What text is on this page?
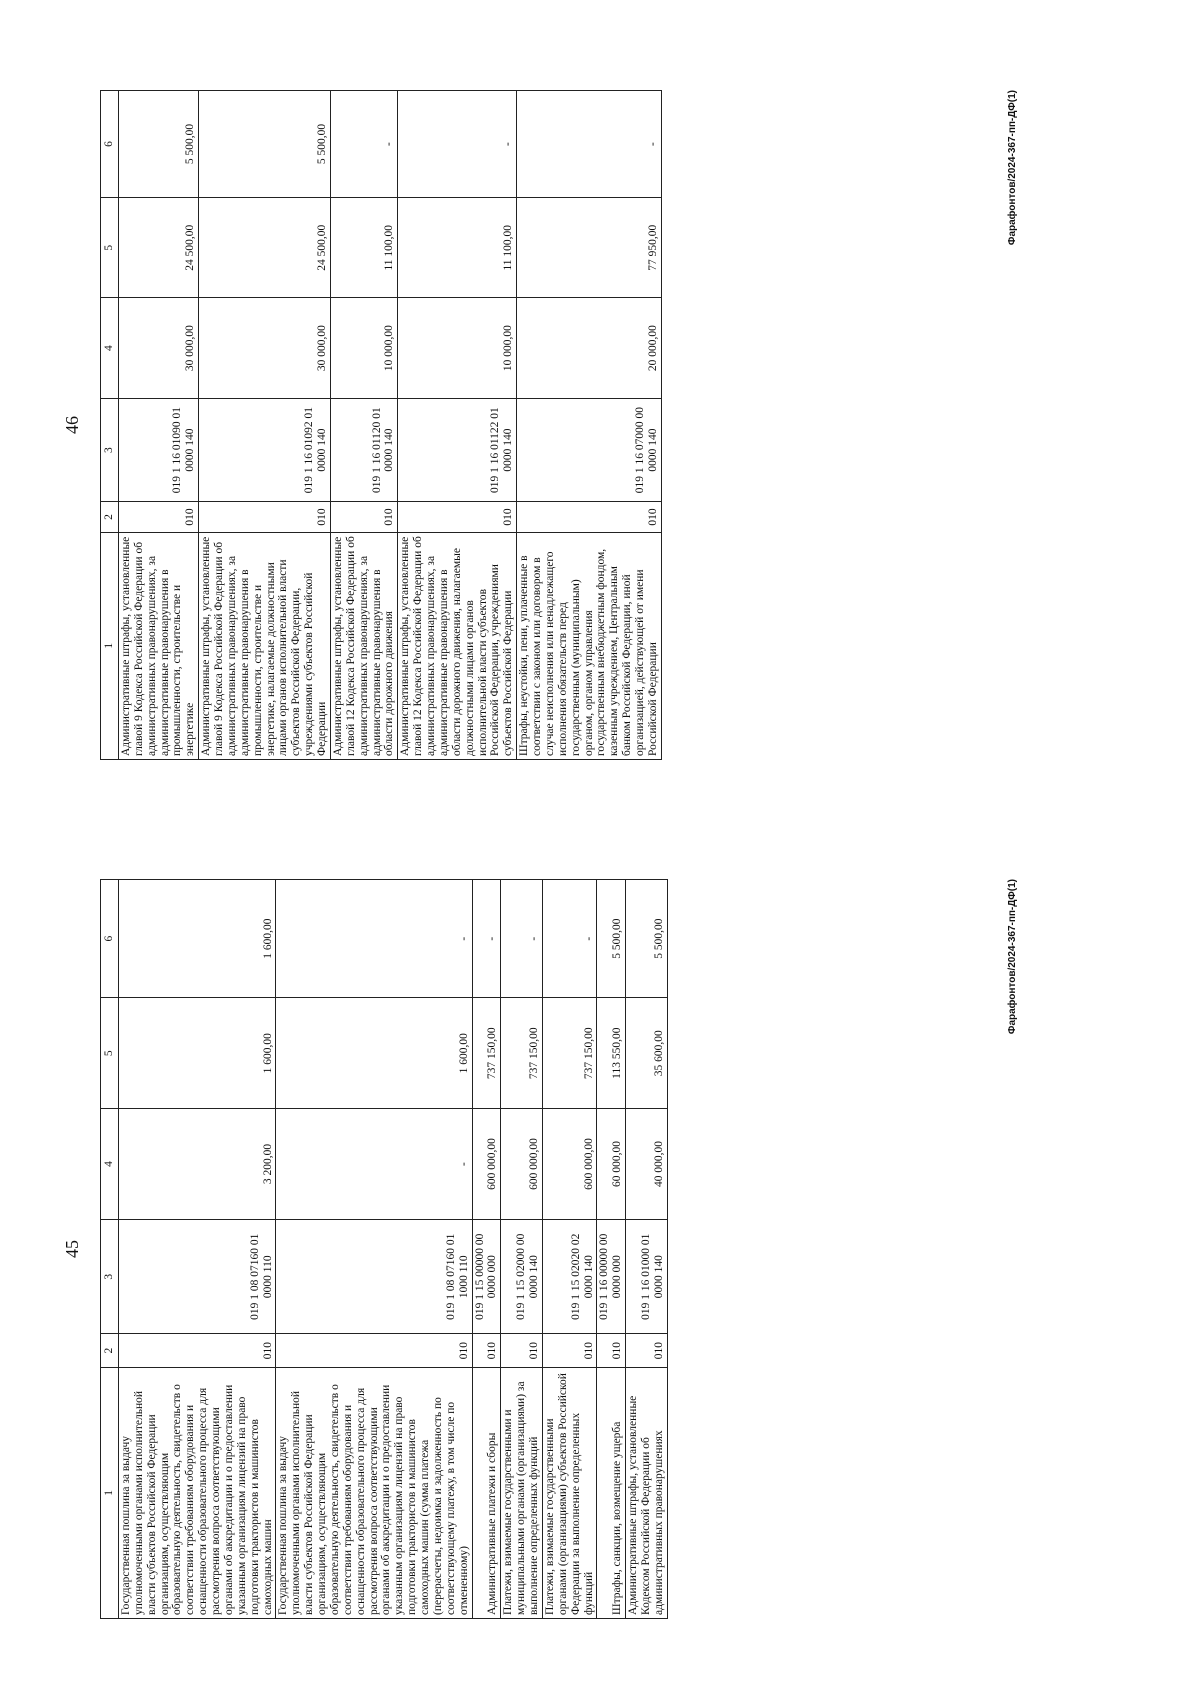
45
1	2	3	4	5	6
Государственная пошлина за выдачу уполномоченными органами исполнительной власти субъектов Российской Федерации организациям, осуществляющим образовательную деятельность, свидетельств о соответствии требованиям оборудования и оснащенности образовательного процесса для рассмотрения вопроса соответствующими органами об аккредитации и о предоставлении указанным организациям лицензий на право подготовки трактористов и машинистов самоходных машин	010	019 1 08 07160 01 0000 110	3 200,00	1 600,00	1 600,00
Государственная пошлина за выдачу уполномоченными органами исполнительной власти субъектов Российской Федерации организациям, осуществляющим образовательную деятельность, свидетельств о соответствии требованиям оборудования и оснащенности образовательного процесса для рассмотрения вопроса соответствующими органами об аккредитации и о предоставлении указанным организациям лицензий на право подготовки трактористов и машинистов самоходных машин (сумма платежа (перерасчеты, недоимка и задолженность по соответствующему платежу, в том числе по отмененному)	010	019 1 08 07160 01 1000 110	-	1 600,00	-
Административные платежи и сборы	010	019 1 15 00000 00 0000 000	600 000,00	737 150,00	-
Платежи, взимаемые государственными и муниципальными органами (организациями) за выполнение определенных функций	010	019 1 15 02000 00 0000 140	600 000,00	737 150,00	-
Платежи, взимаемые государственными органами (организациями) субъектов Российской Федерации за выполнение определенных функций	010	019 1 15 02020 02 0000 140	600 000,00	737 150,00	-
Штрафы, санкции, возмещение ущерба	010	019 1 16 00000 00 0000 000	60 000,00	113 550,00	5 500,00
Административные штрафы, установленные Кодексом Российской Федерации об административных правонарушениях	010	019 1 16 01000 01 0000 140	40 000,00	35 600,00	5 500,00	Фарафонтов/2024-367-пп-ДФ(1)
46
1	2	3	4	5	6
Административные штрафы, установленные главой 9 Кодекса Российской Федерации об административных правонарушениях, за административные правонарушения в промышленности, строительстве и энергетике	010	019 1 16 01090 01 0000 140	30 000,00	24 500,00	5 500,00
Административные штрафы, установленные главой 9 Кодекса Российской Федерации об административных правонарушениях, за административные правонарушения в промышленности, строительстве и энергетике, налагаемые должностными лицами органов исполнительной власти субъектов Российской Федерации, учреждениями субъектов Российской Федерации	010	019 1 16 01092 01 0000 140	30 000,00	24 500,00	5 500,00
Административные штрафы, установленные главой 12 Кодекса Российской Федерации об административных правонарушениях, за административные правонарушения в области дорожного движения	010	019 1 16 01120 01 0000 140	10 000,00	11 100,00	-
Административные штрафы, установленные главой 12 Кодекса Российской Федерации об административных правонарушениях, за административные правонарушения в области дорожного движения, налагаемые должностными лицами органов исполнительной власти субъектов Российской Федерации, учреждениями субъектов Российской Федерации	010	019 1 16 01122 01 0000 140	10 000,00	11 100,00	-
Штрафы, неустойки, пени, уплаченные в соответствии с законом или договором в случае неисполнения или ненадлежащего исполнения обязательств перед государственным (муниципальным) органом, органом управления государственным внебюджетным фондом, казенным учреждением, Центральным банком Российской Федерации, иной организацией, действующей от имени Российской Федерации	010	019 1 16 07000 00 0000 140	20 000,00	77 950,00	-	Фарафонтов/2024-367-пп-ДФ(1)
